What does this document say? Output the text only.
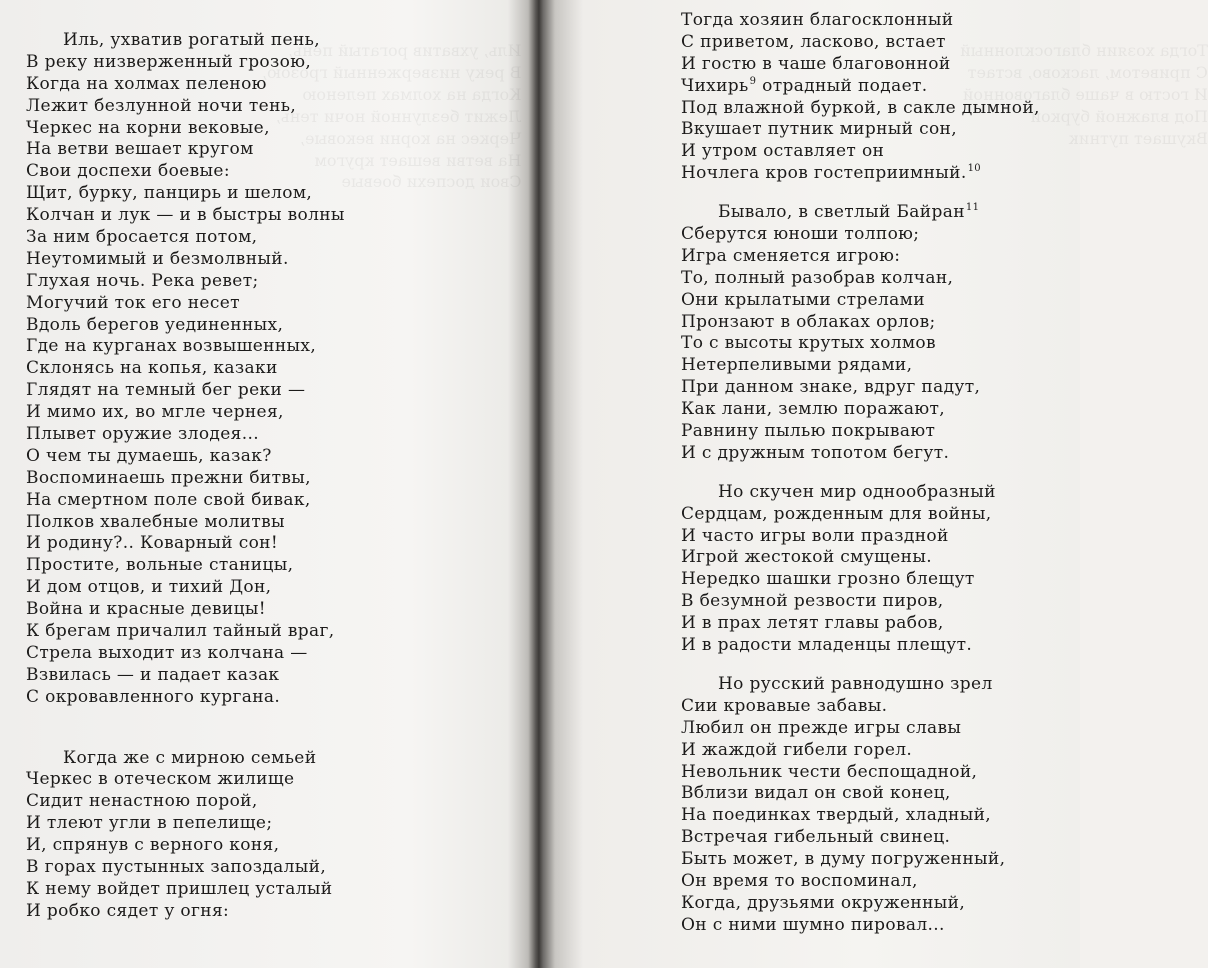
Иль, ухватив рогатый пень,
В реку низверженный грозою,
Когда на холмах пеленою
Лежит безлунной ночи тень,
Черкес на корни вековые,
На ветви вешает кругом
Свои доспехи боевые
Тогда хозяин благосклонный
С приветом, ласково, встает
И гостю в чаше благовонной
Под влажной буркой
Вкушает путник
Иль, ухватив рогатый пень,
В реку низверженный грозою,
Когда на холмах пеленою
Лежит безлунной ночи тень,
Черкес на корни вековые,
На ветви вешает кругом
Свои доспехи боевые:
Щит, бурку, панцирь и шелом,
Колчан и лук — и в быстры волны
За ним бросается потом,
Неутомимый и безмолвный.
Глухая ночь. Река ревет;
Могучий ток его несет
Вдоль берегов уединенных,
Где на курганах возвышенных,
Склонясь на копья, казаки
Глядят на темный бег реки —
И мимо их, во мгле чернея,
Плывет оружие злодея...
О чем ты думаешь, казак?
Воспоминаешь прежни битвы,
На смертном поле свой бивак,
Полков хвалебные молитвы
И родину?.. Коварный сон!
Простите, вольные станицы,
И дом отцов, и тихий Дон,
Война и красные девицы!
К брегам причалил тайный враг,
Стрела выходит из колчана —
Взвилась — и падает казак
С окровавленного кургана.
Когда же с мирною семьей
Черкес в отеческом жилище
Сидит ненастною порой,
И тлеют угли в пепелище;
И, спрянув с верного коня,
В горах пустынных запоздалый,
К нему войдет пришлец усталый
И робко сядет у огня:
Тогда хозяин благосклонный
С приветом, ласково, встает
И гостю в чаше благовонной
Чихирь$^9$ отрадный подает.
Под влажной буркой, в сакле дымной,
Вкушает путник мирный сон,
И утром оставляет он
Ночлега кров гостеприимный.$^{10}$
Бывало, в светлый Байран$^{11}$
Сберутся юноши толпою;
Игра сменяется игрою:
То, полный разобрав колчан,
Они крылатыми стрелами
Пронзают в облаках орлов;
То с высоты крутых холмов
Нетерпеливыми рядами,
При данном знаке, вдруг падут,
Как лани, землю поражают,
Равнину пылью покрывают
И с дружным топотом бегут.
Но скучен мир однообразный
Сердцам, рожденным для войны,
И часто игры воли праздной
Игрой жестокой смущены.
Нередко шашки грозно блещут
В безумной резвости пиров,
И в прах летят главы рабов,
И в радости младенцы плещут.
Но русский равнодушно зрел
Сии кровавые забавы.
Любил он прежде игры славы
И жаждой гибели горел.
Невольник чести беспощадной,
Вблизи видал он свой конец,
На поединках твердый, хладный,
Встречая гибельный свинец.
Быть может, в думу погруженный,
Он время то воспоминал,
Когда, друзьями окруженный,
Он с ними шумно пировал...
